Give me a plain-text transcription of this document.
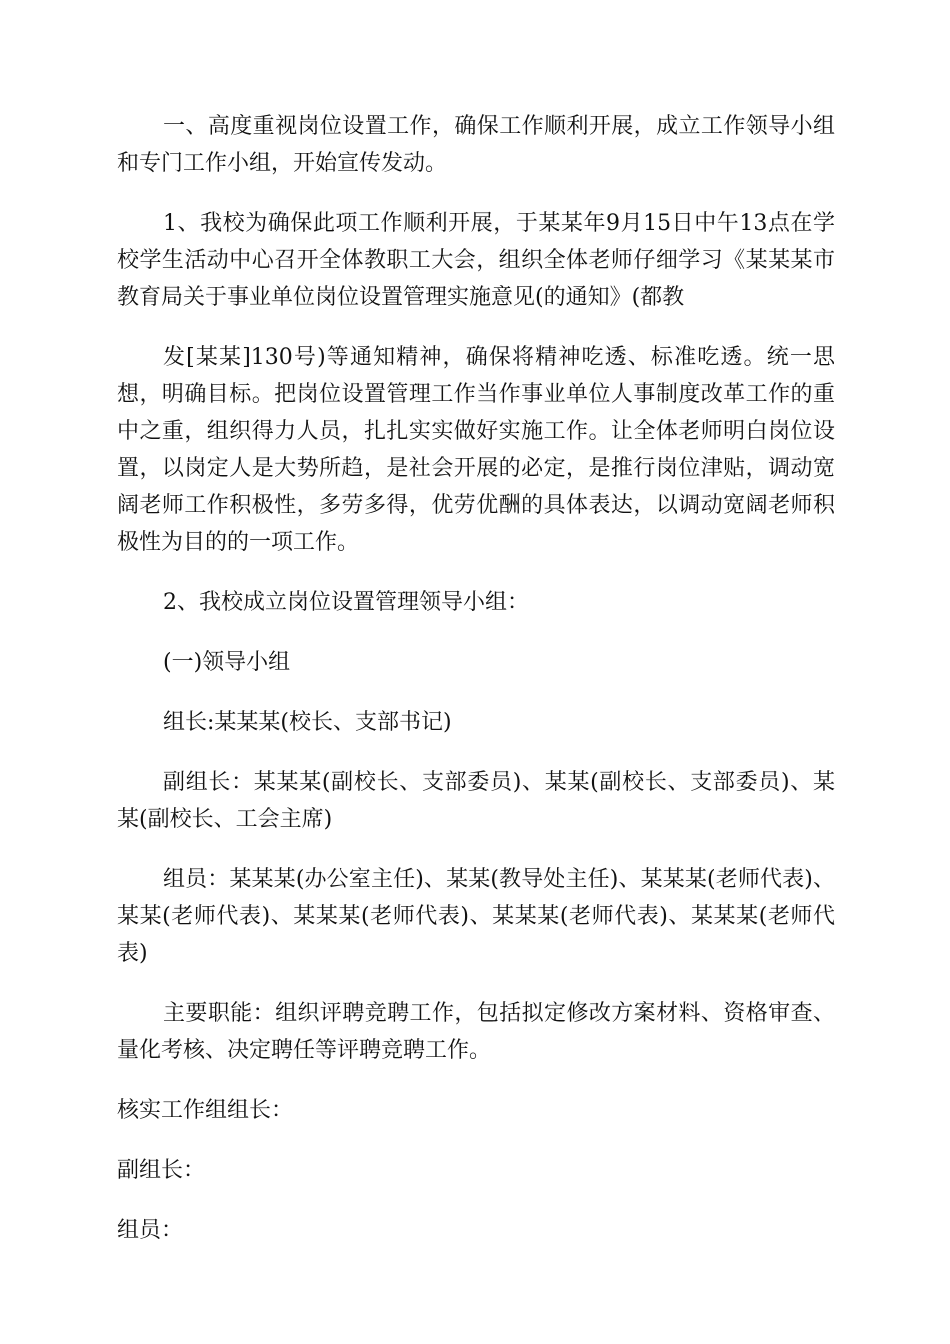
一、高度重视岗位设置工作，确保工作顺利开展，成立工作领导小组和专门工作小组，开始宣传发动。

1、我校为确保此项工作顺利开展，于某某年9月15日中午13点在学校学生活动中心召开全体教职工大会，组织全体老师仔细学习《某某某市教育局关于事业单位岗位设置管理实施意见(的通知》(都教

发[某某]130号)等通知精神，确保将精神吃透、标准吃透。统一思想，明确目标。把岗位设置管理工作当作事业单位人事制度改革工作的重中之重，组织得力人员，扎扎实实做好实施工作。让全体老师明白岗位设置，以岗定人是大势所趋，是社会开展的必定，是推行岗位津贴，调动宽阔老师工作积极性，多劳多得，优劳优酬的具体表达，以调动宽阔老师积极性为目的的一项工作。

2、我校成立岗位设置管理领导小组：

(一)领导小组

组长:某某某(校长、支部书记)

副组长：某某某(副校长、支部委员)、某某(副校长、支部委员)、某某(副校长、工会主席)

组员：某某某(办公室主任)、某某(教导处主任)、某某某(老师代表)、某某(老师代表)、某某某(老师代表)、某某某(老师代表)、某某某(老师代表)

主要职能：组织评聘竞聘工作，包括拟定修改方案材料、资格审查、量化考核、决定聘任等评聘竞聘工作。

核实工作组组长：

副组长：

组员：
